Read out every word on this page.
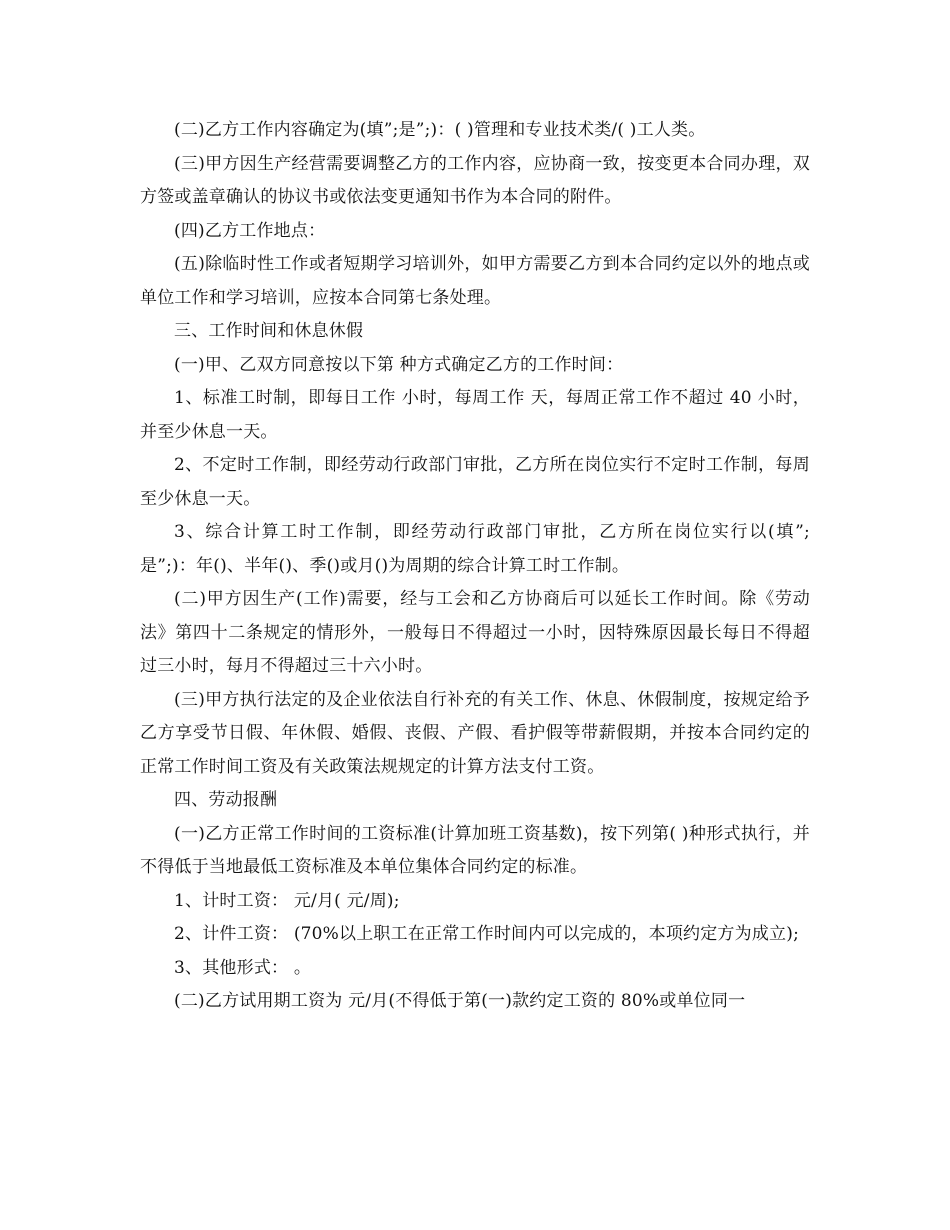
(二)乙方工作内容确定为(填”;是”;)：( )管理和专业技术类/( )工人类。

(三)甲方因生产经营需要调整乙方的工作内容，应协商一致，按变更本合同办理，双方签或盖章确认的协议书或依法变更通知书作为本合同的附件。

(四)乙方工作地点：

(五)除临时性工作或者短期学习培训外，如甲方需要乙方到本合同约定以外的地点或单位工作和学习培训，应按本合同第七条处理。

三、工作时间和休息休假

(一)甲、乙双方同意按以下第 种方式确定乙方的工作时间：

1、标准工时制，即每日工作 小时，每周工作 天，每周正常工作不超过 40 小时，并至少休息一天。

2、不定时工作制，即经劳动行政部门审批，乙方所在岗位实行不定时工作制，每周至少休息一天。

3、综合计算工时工作制，即经劳动行政部门审批，乙方所在岗位实行以(填”;是”;)：年()、半年()、季()或月()为周期的综合计算工时工作制。

(二)甲方因生产(工作)需要，经与工会和乙方协商后可以延长工作时间。除《劳动法》第四十二条规定的情形外，一般每日不得超过一小时，因特殊原因最长每日不得超过三小时，每月不得超过三十六小时。

(三)甲方执行法定的及企业依法自行补充的有关工作、休息、休假制度，按规定给予乙方享受节日假、年休假、婚假、丧假、产假、看护假等带薪假期，并按本合同约定的正常工作时间工资及有关政策法规规定的计算方法支付工资。

四、劳动报酬

(一)乙方正常工作时间的工资标准(计算加班工资基数)，按下列第( )种形式执行，并不得低于当地最低工资标准及本单位集体合同约定的标准。

1、计时工资： 元/月( 元/周);

2、计件工资： (70%以上职工在正常工作时间内可以完成的，本项约定方为成立);

3、其他形式： 。

(二)乙方试用期工资为 元/月(不得低于第(一)款约定工资的 80%或单位同一
